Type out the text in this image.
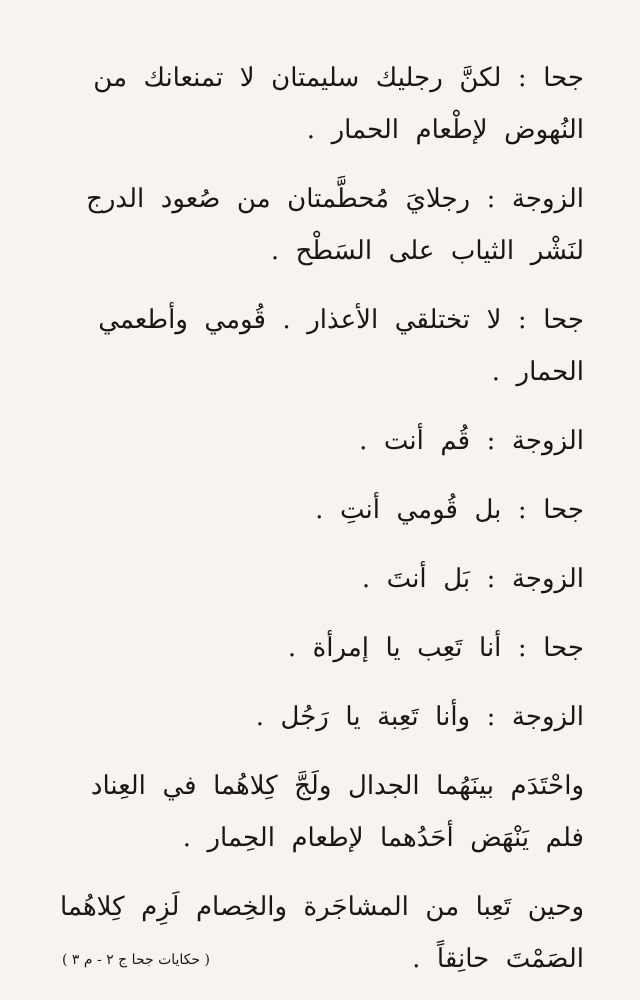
جحا  :  لكنَّ  رجليك  سليمتان  لا  تمنعانك  من  النُهوض  لإطْعام  الحمار  .

الزوجة  :  رجلايَ  مُحطَّمتان  من  صُعود  الدرج  لنَشْر  الثياب  على  السَطْح  .

جحا  :  لا  تختلقي  الأعذار  .  قُومي  وأطعمي  الحمار  .

الزوجة  :  قُم  أنت  .

جحا  :  بل  قُومي  أنتِ  .

الزوجة  :  بَل  أنتَ  .

جحا  :  أنا  تَعِب  يا  إمرأة  .

الزوجة  :  وأنا  تَعِبة  يا  رَجُل  .

واحْتَدَم  بينَهُما  الجدال  ولَجَّ  كِلاهُما  في  العِناد  فلم  يَنْهَض  أحَدُهما  لإطعام  الحِمار  .

وحين  تَعِبا  من  المشاجَرة  والخِصام  لَزِم  كِلاهُما  الصَمْتَ  حانِقاً  .

( حكايات جحا ج ٢ - م ٣ )
